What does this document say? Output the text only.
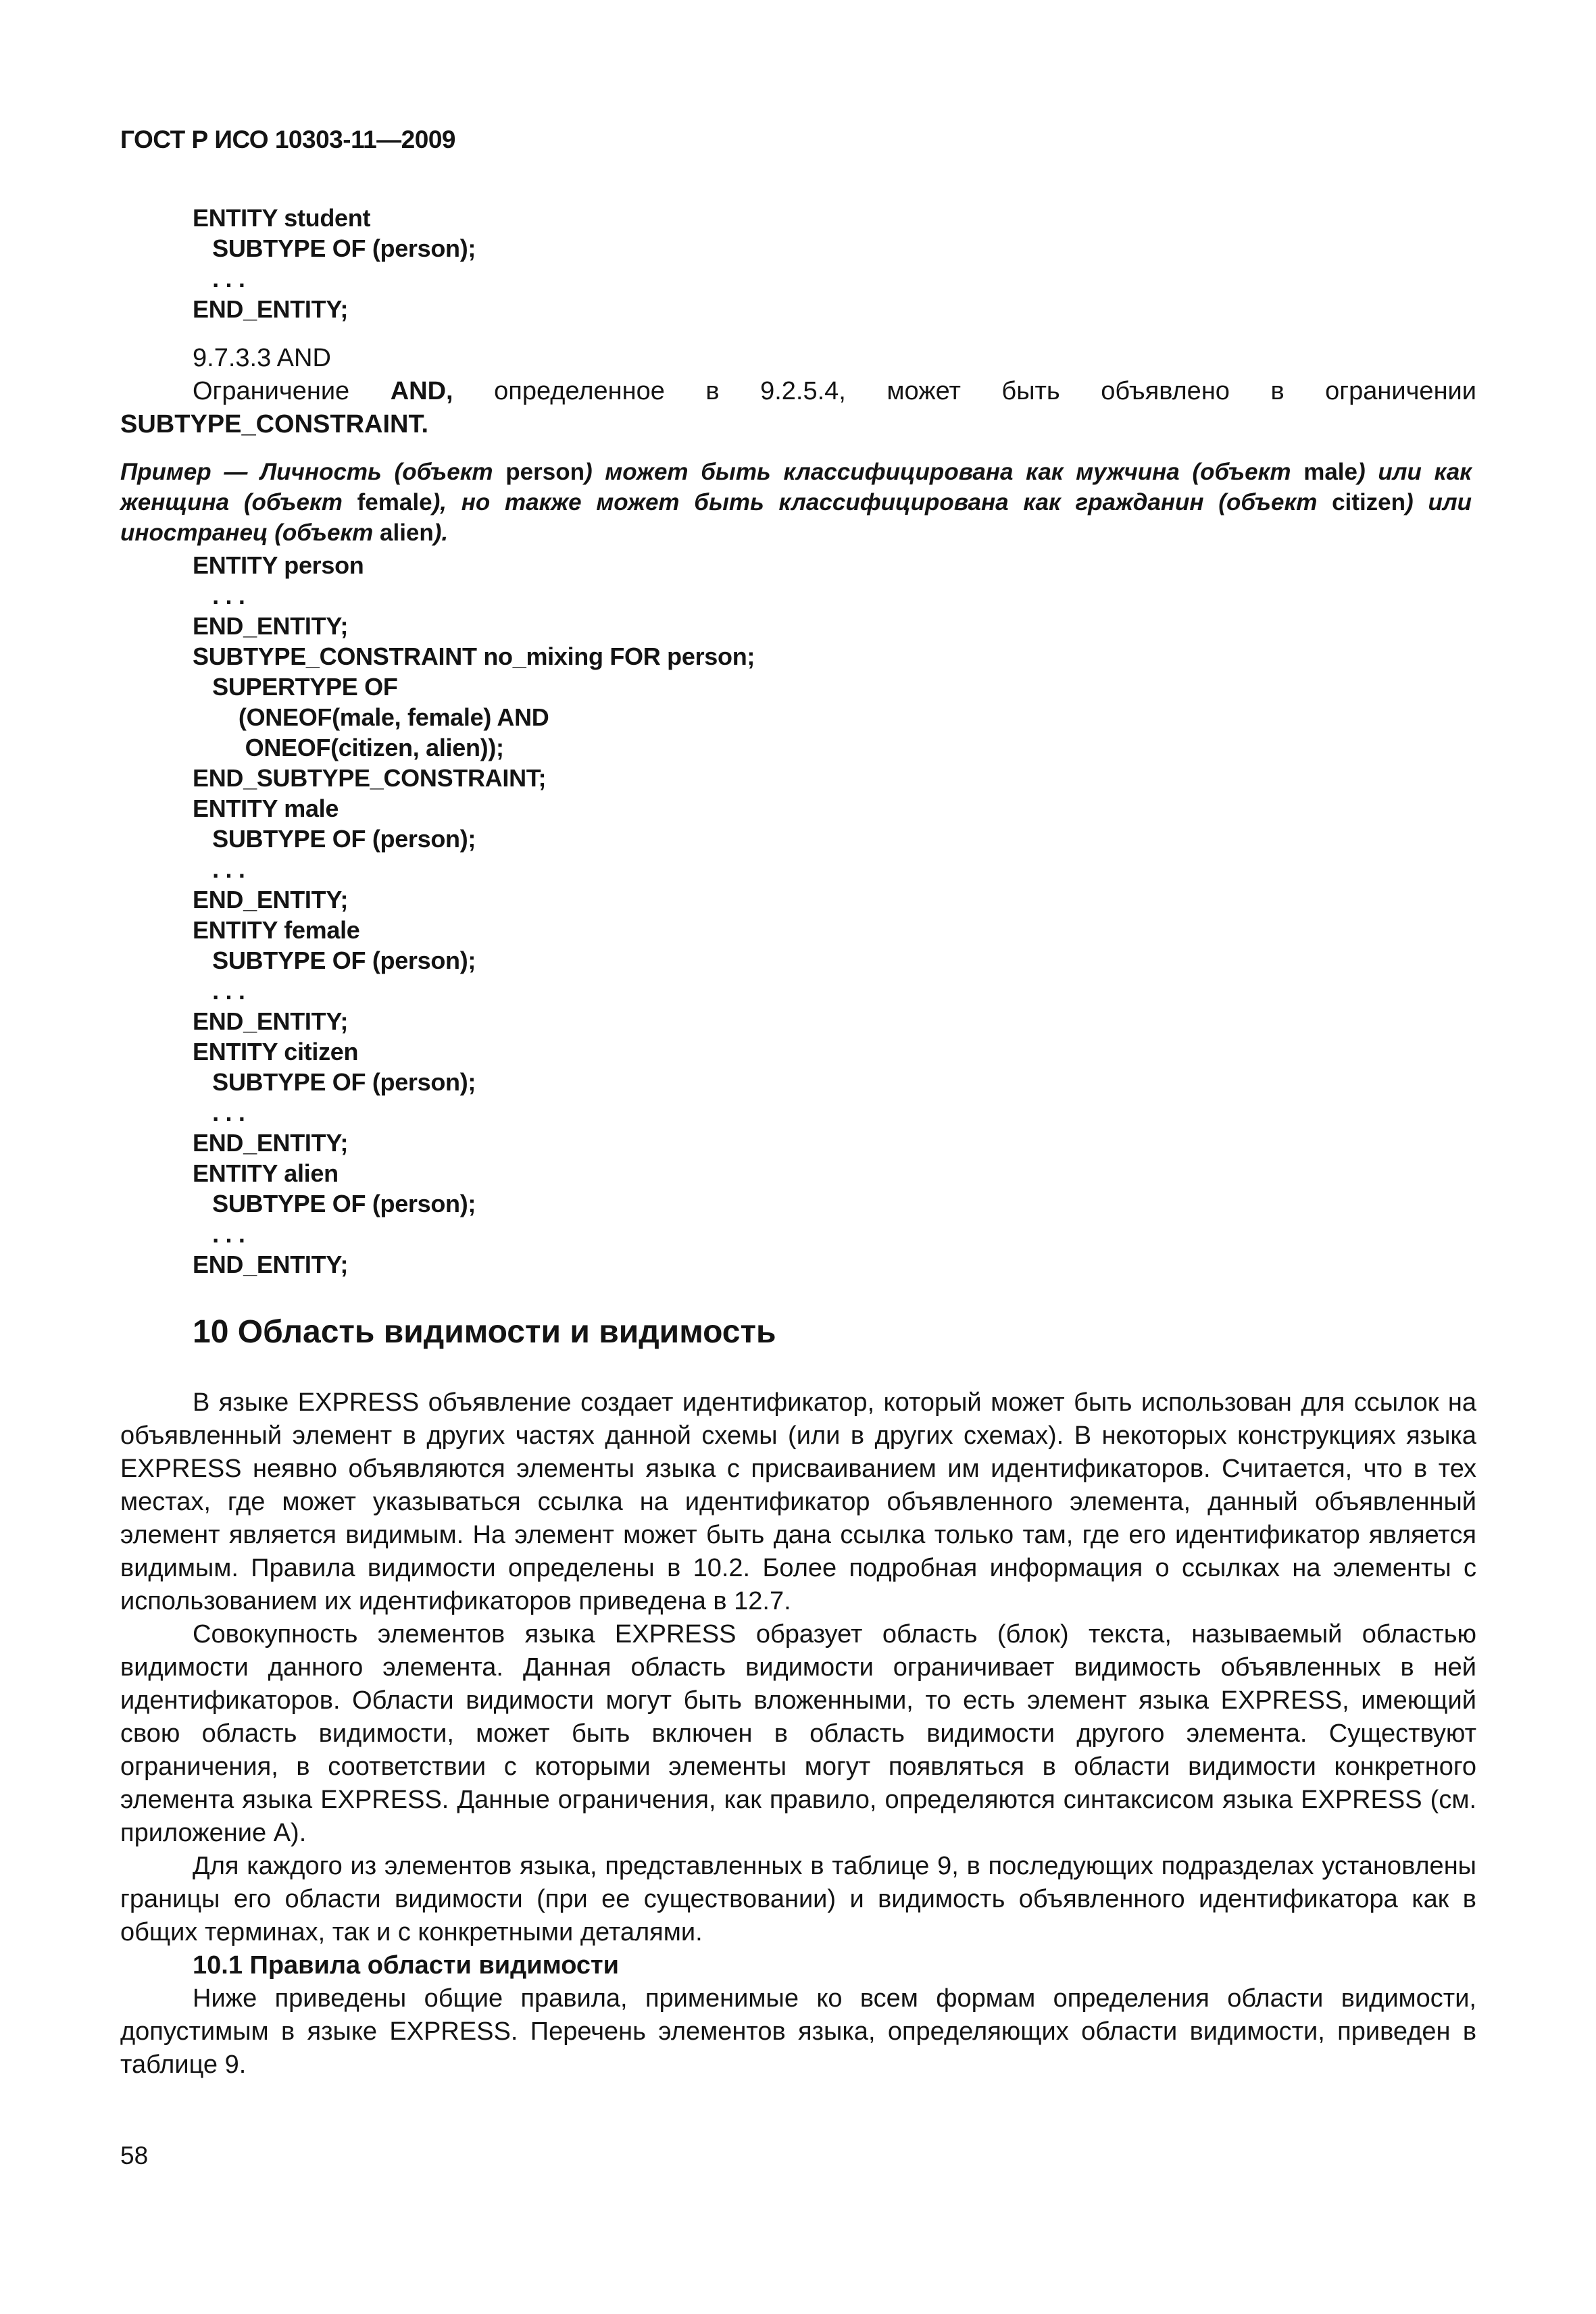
ГОСТ Р ИСО 10303-11—2009
ENTITY student
SUBTYPE OF (person);
. . .
END_ENTITY;
9.7.3.3 AND
Ограничение AND, определенное в 9.2.5.4, может быть объявлено в ограничении
SUBTYPE_CONSTRAINT.
Пример — Личность (объект person) может быть классифицирована как мужчина (объект male) или как женщина (объект female), но также может быть классифицирована как гражданин (объект citizen) или иностранец (объект alien).
ENTITY person
. . .
END_ENTITY;
SUBTYPE_CONSTRAINT no_mixing FOR person;
SUPERTYPE OF
(ONEOF(male, female) AND
ONEOF(citizen, alien));
END_SUBTYPE_CONSTRAINT;
ENTITY male
SUBTYPE OF (person);
. . .
END_ENTITY;
ENTITY female
SUBTYPE OF (person);
. . .
END_ENTITY;
ENTITY citizen
SUBTYPE OF (person);
. . .
END_ENTITY;
ENTITY alien
SUBTYPE OF (person);
. . .
END_ENTITY;
10 Область видимости и видимость

В языке EXPRESS объявление создает идентификатор, который может быть использован для ссылок на объявленный элемент в других частях данной схемы (или в других схемах). В некоторых конструкциях языка EXPRESS неявно объявляются элементы языка с присваиванием им идентификаторов. Считается, что в тех местах, где может указываться ссылка на идентификатор объявленного элемента, данный объявленный элемент является видимым. На элемент может быть дана ссылка только там, где его идентификатор является видимым. Правила видимости определены в 10.2. Более подробная информация о ссылках на элементы с использованием их идентификаторов приведена в 12.7.

Совокупность элементов языка EXPRESS образует область (блок) текста, называемый областью видимости данного элемента. Данная область видимости ограничивает видимость объявленных в ней идентификаторов. Области видимости могут быть вложенными, то есть элемент языка EXPRESS, имеющий свою область видимости, может быть включен в область видимости другого элемента. Существуют ограничения, в соответствии с которыми элементы могут появляться в области видимости конкретного элемента языка EXPRESS. Данные ограничения, как правило, определяются синтаксисом языка EXPRESS (см. приложение А).

Для каждого из элементов языка, представленных в таблице 9, в последующих подразделах установлены границы его области видимости (при ее существовании) и видимость объявленного идентификатора как в общих терминах, так и с конкретными деталями.

10.1 Правила области видимости

Ниже приведены общие правила, применимые ко всем формам определения области видимости, допустимым в языке EXPRESS. Перечень элементов языка, определяющих области видимости, приведен в таблице 9.

58
